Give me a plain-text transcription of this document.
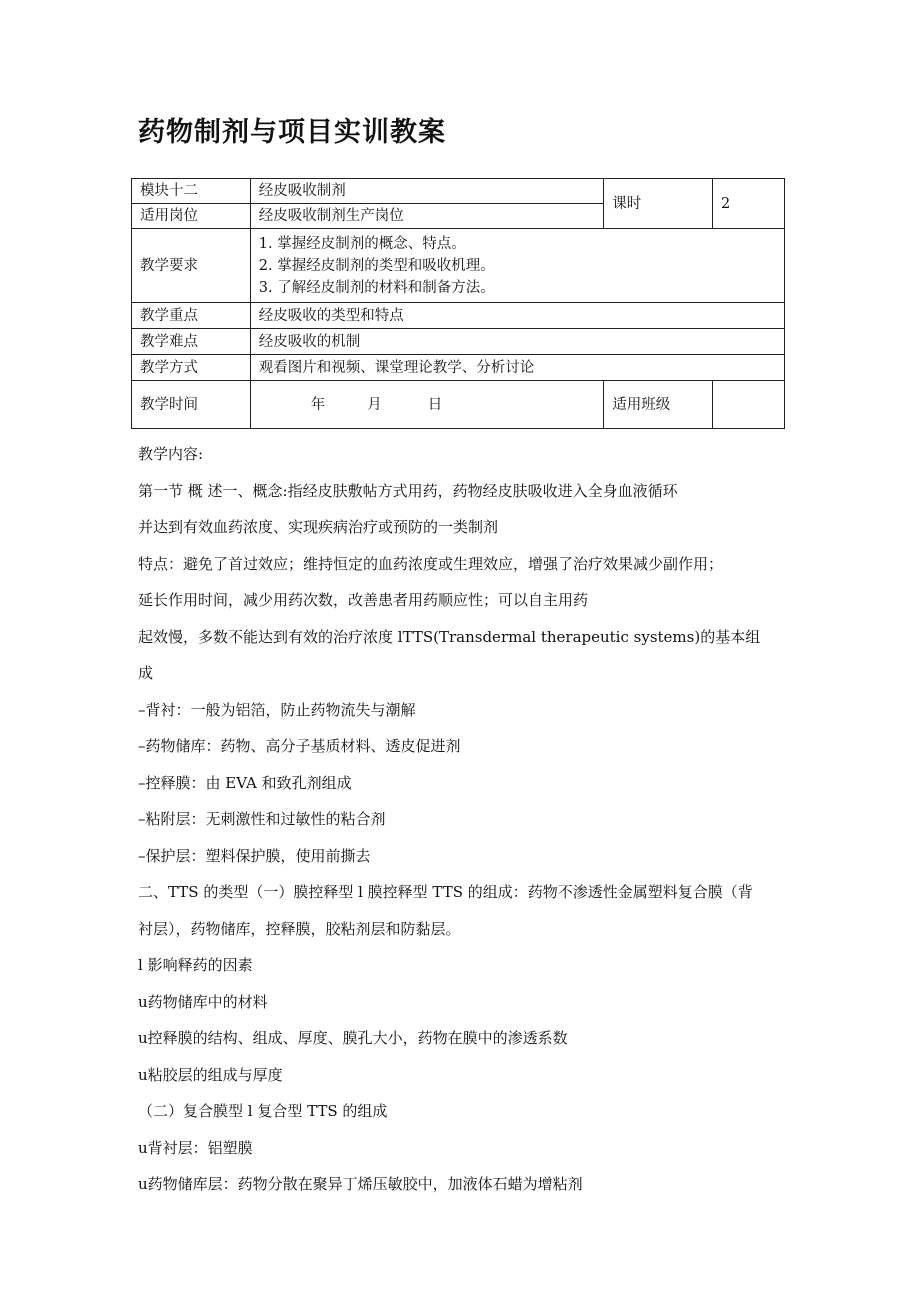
药物制剂与项目实训教案
模块十二	经皮吸收制剂	课时	2
适用岗位	经皮吸收制剂生产岗位		
教学要求	1. 掌握经皮制剂的概念、特点。
2. 掌握经皮制剂的类型和吸收机理。
3. 了解经皮制剂的材料和制备方法。		

教学重点	经皮吸收的类型和特点		
教学难点	经皮吸收的机制		
教学方式	观看图片和视频、课堂理论教学、分析讨论		
教学时间	年 月 日	适用班级	

教学内容:

第一节 概 述一、概念:指经皮肤敷帖方式用药，药物经皮肤吸收进入全身血液循环

并达到有效血药浓度、实现疾病治疗或预防的一类制剂

特点：避免了首过效应；维持恒定的血药浓度或生理效应，增强了治疗效果减少副作用；

延长作用时间，减少用药次数，改善患者用药顺应性；可以自主用药

起效慢，多数不能达到有效的治疗浓度 lTTS(Transdermal therapeutic systems)的基本组

成

–背衬：一般为铝箔，防止药物流失与潮解

–药物储库：药物、高分子基质材料、透皮促进剂

–控释膜：由 EVA 和致孔剂组成

–粘附层：无刺激性和过敏性的粘合剂

–保护层：塑料保护膜，使用前撕去

二、TTS 的类型（一）膜控释型 l 膜控释型 TTS 的组成：药物不渗透性金属塑料复合膜（背

衬层），药物储库，控释膜，胶粘剂层和防黏层。

l 影响释药的因素

u药物储库中的材料

u控释膜的结构、组成、厚度、膜孔大小，药物在膜中的渗透系数

u粘胶层的组成与厚度

（二）复合膜型 l 复合型 TTS 的组成

u背衬层：铝塑膜

u药物储库层：药物分散在聚异丁烯压敏胶中，加液体石蜡为增粘剂
